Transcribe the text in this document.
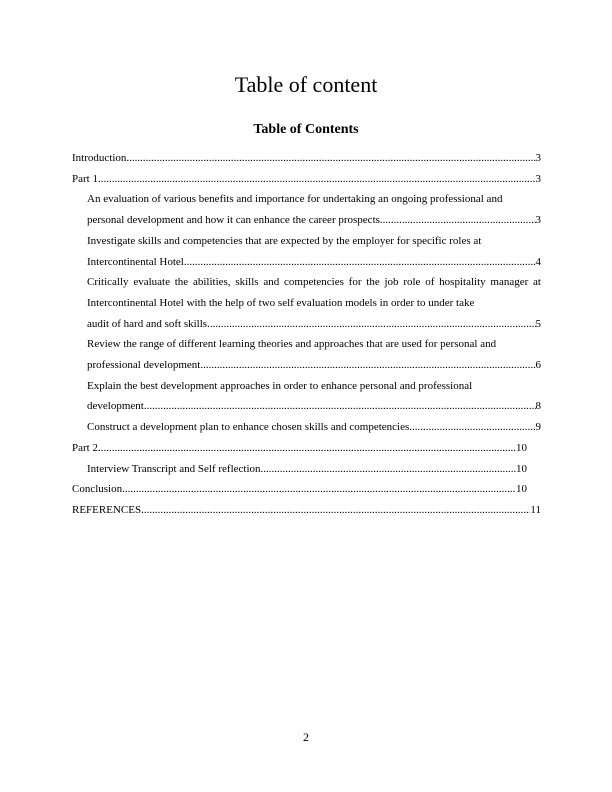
Table of content
Table of Contents
Introduction .....	3
Part 1 .....	3
An evaluation of various benefits and importance for undertaking an ongoing professional and
personal development and how it can enhance the career prospects .....	3
Investigate skills and competencies that are expected by the employer for specific roles at
Intercontinental Hotel. .....	4
Critically evaluate the abilities, skills and competencies for the job role of hospitality manager at Intercontinental Hotel with the help of two self evaluation models in order to under take
audit of hard and soft skills. .....	5
Review the range of different learning theories and approaches that are used for personal and
professional development. .....	6
Explain the best development approaches in order to enhance personal and professional
development. .....	8
Construct a development plan to enhance chosen skills and competencies. .....	9
Part 2 .....	10
Interview Transcript and Self reflection .....	10
Conclusion .....	10
REFERENCES .....	11
2
